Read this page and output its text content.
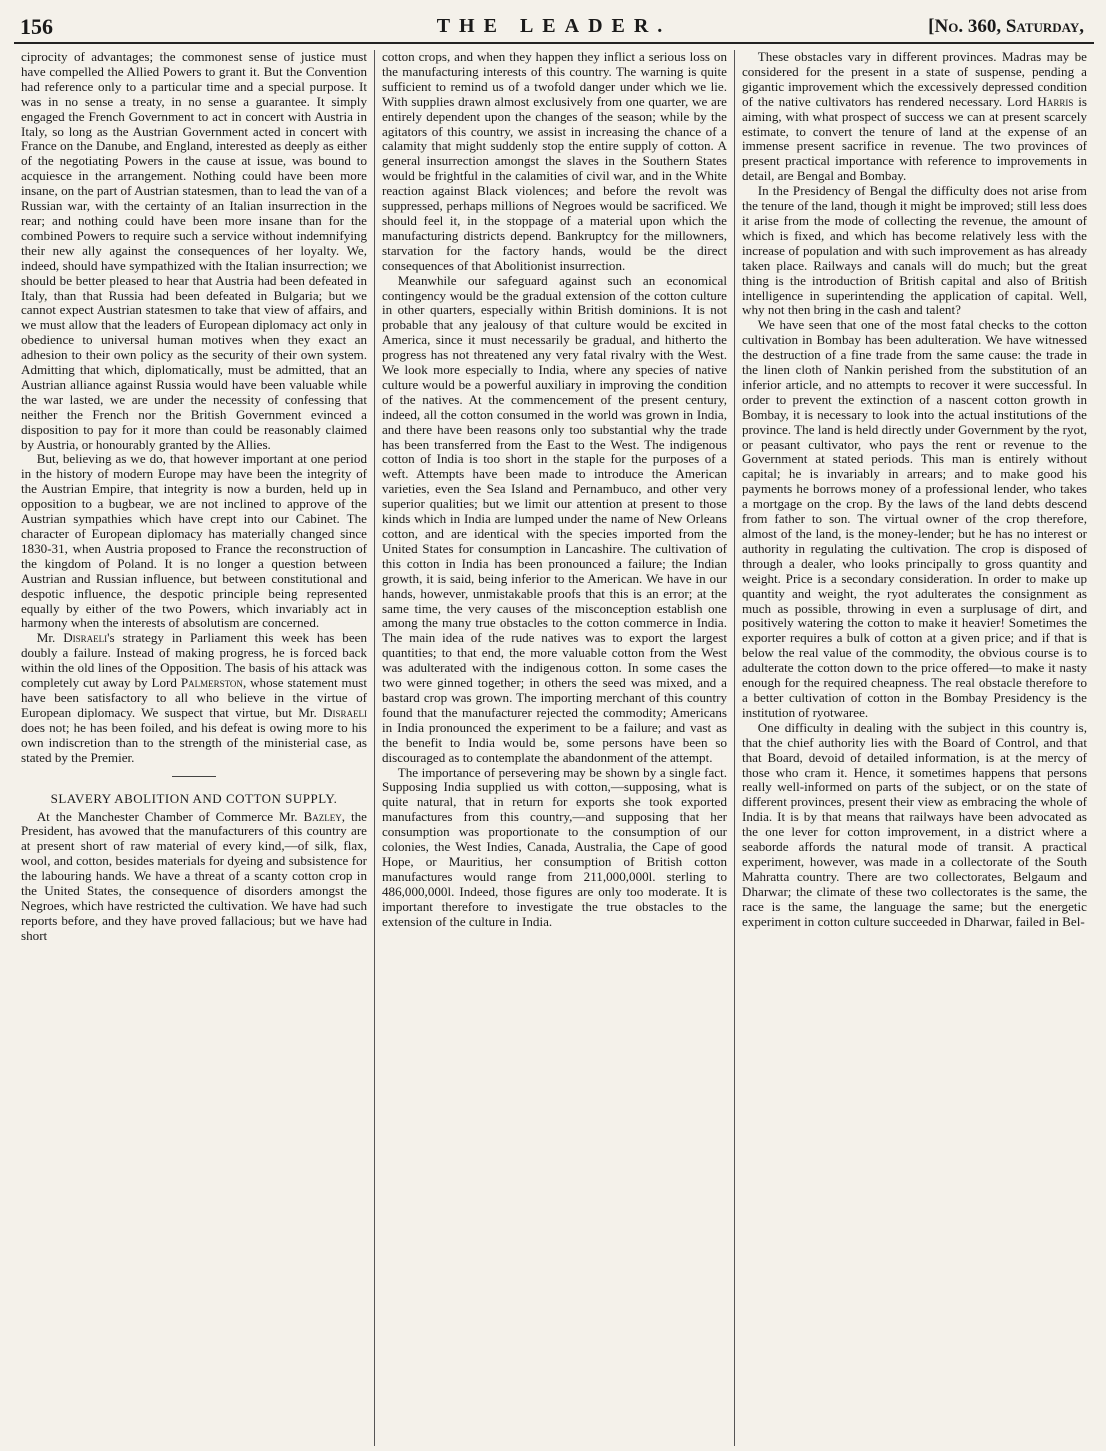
156	THE LEADER.	[No. 360, Saturday,

ciprocity of advantages; the commonest sense of justice must have compelled the Allied Powers to grant it. But the Convention had reference only to a particular time and a special purpose. It was in no sense a treaty, in no sense a guarantee. It simply engaged the French Government to act in concert with Austria in Italy, so long as the Austrian Government acted in concert with France on the Danube, and England, interested as deeply as either of the negotiating Powers in the cause at issue, was bound to acquiesce in the arrangement. Nothing could have been more insane, on the part of Austrian statesmen, than to lead the van of a Russian war, with the certainty of an Italian insurrection in the rear; and nothing could have been more insane than for the combined Powers to require such a service without indemnifying their new ally against the consequences of her loyalty. We, indeed, should have sympathized with the Italian insurrection; we should be better pleased to hear that Austria had been defeated in Italy, than that Russia had been defeated in Bulgaria; but we cannot expect Austrian statesmen to take that view of affairs, and we must allow that the leaders of European diplomacy act only in obedience to universal human motives when they exact an adhesion to their own policy as the security of their own system. Admitting that which, diplomatically, must be admitted, that an Austrian alliance against Russia would have been valuable while the war lasted, we are under the necessity of confessing that neither the French nor the British Government evinced a disposition to pay for it more than could be reasonably claimed by Austria, or honourably granted by the Allies.

But, believing as we do, that however important at one period in the history of modern Europe may have been the integrity of the Austrian Empire, that integrity is now a burden, held up in opposition to a bugbear, we are not inclined to approve of the Austrian sympathies which have crept into our Cabinet. The character of European diplomacy has materially changed since 1830-31, when Austria proposed to France the reconstruction of the kingdom of Poland. It is no longer a question between Austrian and Russian influence, but between constitutional and despotic influence, the despotic principle being represented equally by either of the two Powers, which invariably act in harmony when the interests of absolutism are concerned.

Mr. Disraeli's strategy in Parliament this week has been doubly a failure. Instead of making progress, he is forced back within the old lines of the Opposition. The basis of his attack was completely cut away by Lord Palmerston, whose statement must have been satisfactory to all who believe in the virtue of European diplomacy. We suspect that virtue, but Mr. Disraeli does not; he has been foiled, and his defeat is owing more to his own indiscretion than to the strength of the ministerial case, as stated by the Premier.

SLAVERY ABOLITION AND COTTON SUPPLY.

At the Manchester Chamber of Commerce Mr. Bazley, the President, has avowed that the manufacturers of this country are at present short of raw material of every kind,—of silk, flax, wool, and cotton, besides materials for dyeing and subsistence for the labouring hands. We have a threat of a scanty cotton crop in the United States, the consequence of disorders amongst the Negroes, which have restricted the cultivation. We have had such reports before, and they have proved fallacious; but we have had short

cotton crops, and when they happen they inflict a serious loss on the manufacturing interests of this country. The warning is quite sufficient to remind us of a twofold danger under which we lie. With supplies drawn almost exclusively from one quarter, we are entirely dependent upon the changes of the season; while by the agitators of this country, we assist in increasing the chance of a calamity that might suddenly stop the entire supply of cotton. A general insurrection amongst the slaves in the Southern States would be frightful in the calamities of civil war, and in the White reaction against Black violences; and before the revolt was suppressed, perhaps millions of Negroes would be sacrificed. We should feel it, in the stoppage of a material upon which the manufacturing districts depend. Bankruptcy for the millowners, starvation for the factory hands, would be the direct consequences of that Abolitionist insurrection.

Meanwhile our safeguard against such an economical contingency would be the gradual extension of the cotton culture in other quarters, especially within British dominions. It is not probable that any jealousy of that culture would be excited in America, since it must necessarily be gradual, and hitherto the progress has not threatened any very fatal rivalry with the West. We look more especially to India, where any species of native culture would be a powerful auxiliary in improving the condition of the natives. At the commencement of the present century, indeed, all the cotton consumed in the world was grown in India, and there have been reasons only too substantial why the trade has been transferred from the East to the West. The indigenous cotton of India is too short in the staple for the purposes of a weft. Attempts have been made to introduce the American varieties, even the Sea Island and Pernambuco, and other very superior qualities; but we limit our attention at present to those kinds which in India are lumped under the name of New Orleans cotton, and are identical with the species imported from the United States for consumption in Lancashire. The cultivation of this cotton in India has been pronounced a failure; the Indian growth, it is said, being inferior to the American. We have in our hands, however, unmistakable proofs that this is an error; at the same time, the very causes of the misconception establish one among the many true obstacles to the cotton commerce in India. The main idea of the rude natives was to export the largest quantities; to that end, the more valuable cotton from the West was adulterated with the indigenous cotton. In some cases the two were ginned together; in others the seed was mixed, and a bastard crop was grown. The importing merchant of this country found that the manufacturer rejected the commodity; Americans in India pronounced the experiment to be a failure; and vast as the benefit to India would be, some persons have been so discouraged as to contemplate the abandonment of the attempt.

The importance of persevering may be shown by a single fact. Supposing India supplied us with cotton,—supposing, what is quite natural, that in return for exports she took exported manufactures from this country,—and supposing that her consumption was proportionate to the consumption of our colonies, the West Indies, Canada, Australia, the Cape of good Hope, or Mauritius, her consumption of British cotton manufactures would range from 211,000,000l. sterling to 486,000,000l. Indeed, those figures are only too moderate. It is important therefore to investigate the true obstacles to the extension of the culture in India.

These obstacles vary in different provinces. Madras may be considered for the present in a state of suspense, pending a gigantic improvement which the excessively depressed condition of the native cultivators has rendered necessary. Lord Harris is aiming, with what prospect of success we can at present scarcely estimate, to convert the tenure of land at the expense of an immense present sacrifice in revenue. The two provinces of present practical importance with reference to improvements in detail, are Bengal and Bombay.

In the Presidency of Bengal the difficulty does not arise from the tenure of the land, though it might be improved; still less does it arise from the mode of collecting the revenue, the amount of which is fixed, and which has become relatively less with the increase of population and with such improvement as has already taken place. Railways and canals will do much; but the great thing is the introduction of British capital and also of British intelligence in superintending the application of capital. Well, why not then bring in the cash and talent?

We have seen that one of the most fatal checks to the cotton cultivation in Bombay has been adulteration. We have witnessed the destruction of a fine trade from the same cause: the trade in the linen cloth of Nankin perished from the substitution of an inferior article, and no attempts to recover it were successful. In order to prevent the extinction of a nascent cotton growth in Bombay, it is necessary to look into the actual institutions of the province. The land is held directly under Government by the ryot, or peasant cultivator, who pays the rent or revenue to the Government at stated periods. This man is entirely without capital; he is invariably in arrears; and to make good his payments he borrows money of a professional lender, who takes a mortgage on the crop. By the laws of the land debts descend from father to son. The virtual owner of the crop therefore, almost of the land, is the money-lender; but he has no interest or authority in regulating the cultivation. The crop is disposed of through a dealer, who looks principally to gross quantity and weight. Price is a secondary consideration. In order to make up quantity and weight, the ryot adulterates the consignment as much as possible, throwing in even a surplusage of dirt, and positively watering the cotton to make it heavier! Sometimes the exporter requires a bulk of cotton at a given price; and if that is below the real value of the commodity, the obvious course is to adulterate the cotton down to the price offered—to make it nasty enough for the required cheapness. The real obstacle therefore to a better cultivation of cotton in the Bombay Presidency is the institution of ryotwaree.

One difficulty in dealing with the subject in this country is, that the chief authority lies with the Board of Control, and that that Board, devoid of detailed information, is at the mercy of those who cram it. Hence, it sometimes happens that persons really well-informed on parts of the subject, or on the state of different provinces, present their view as embracing the whole of India. It is by that means that railways have been advocated as the one lever for cotton improvement, in a district where a seaborde affords the natural mode of transit. A practical experiment, however, was made in a collectorate of the South Mahratta country. There are two collectorates, Belgaum and Dharwar; the climate of these two collectorates is the same, the race is the same, the language the same; but the energetic experiment in cotton culture succeeded in Dharwar, failed in Bel-
